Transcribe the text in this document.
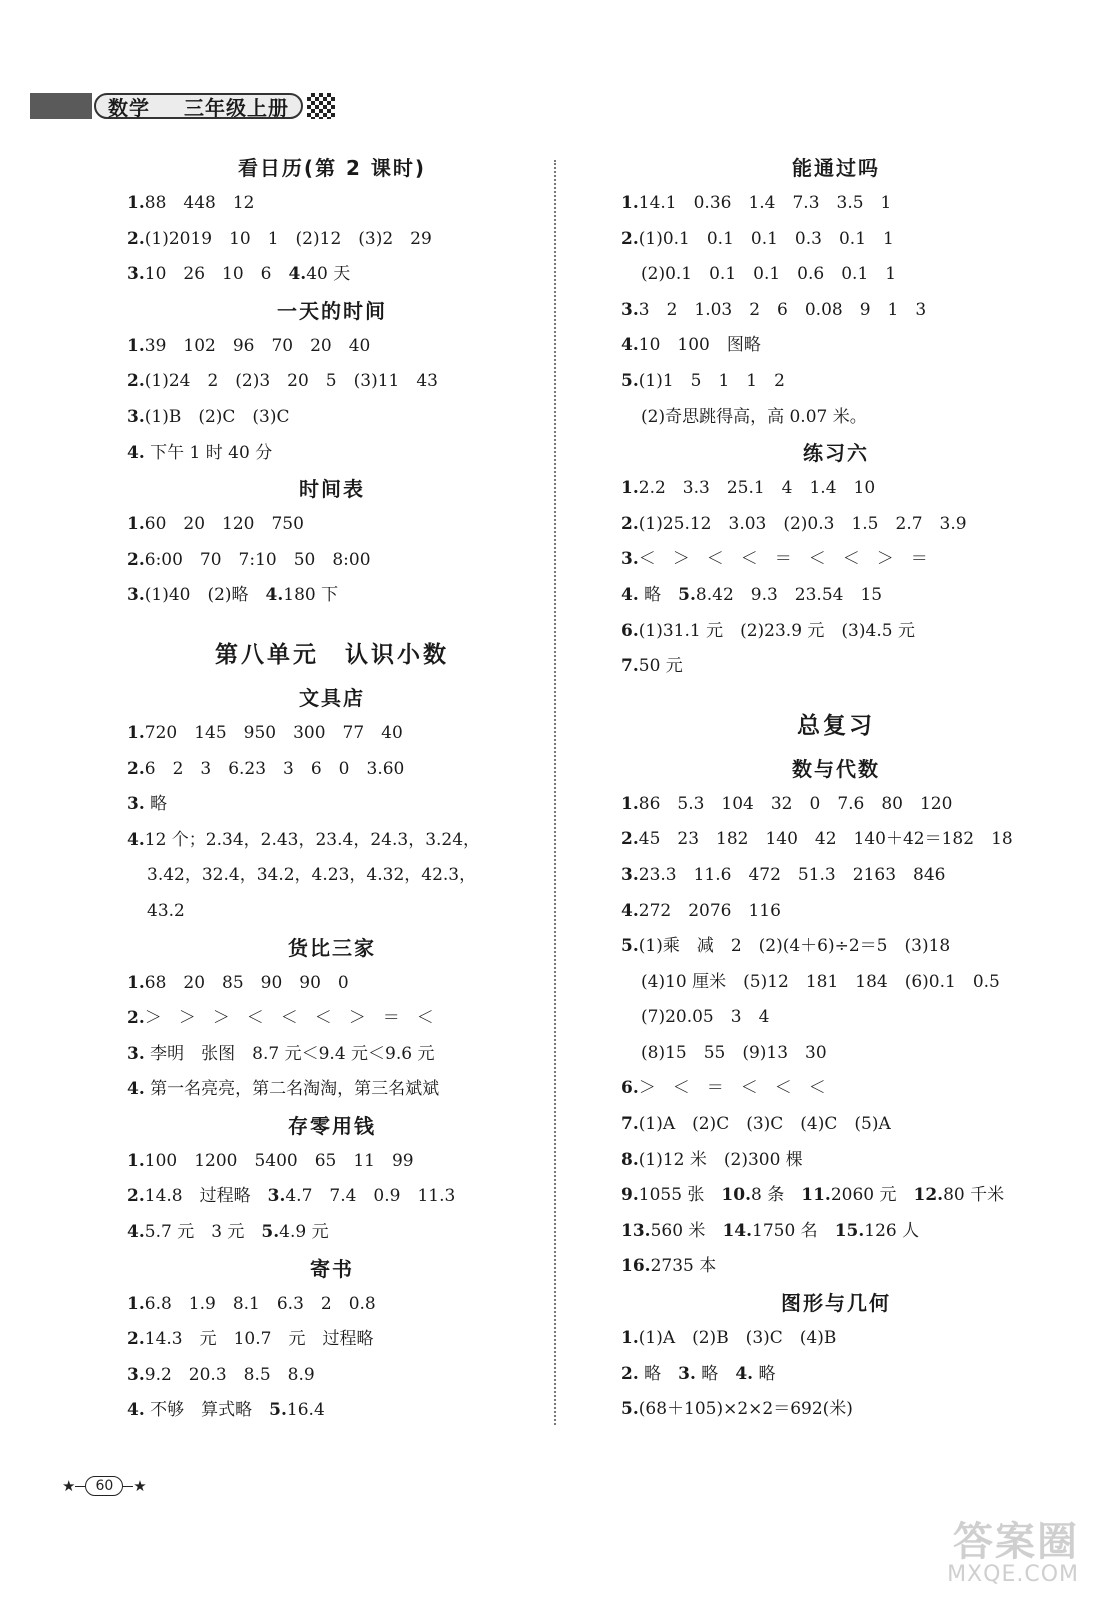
数学 三年级上册
看日历(第 2 课时)
1.88　448　12
2.(1)2019　10　1　(2)12　(3)2　29
3.10　26　10　6　4.40 天
一天的时间
1.39　102　96　70　20　40
2.(1)24　2　(2)3　20　5　(3)11　43
3.(1)B　(2)C　(3)C
4. 下午 1 时 40 分
时间表
1.60　20　120　750
2.6:00　70　7:10　50　8:00
3.(1)40　(2)略　4.180 下
第八单元　认识小数
文具店
1.720　145　950　300　77　40
2.6　2　3　6.23　3　6　0　3.60
3. 略
4.12 个；2.34，2.43，23.4，24.3，3.24，
3.42，32.4，34.2，4.23，4.32，42.3，
43.2
货比三家
1.68　20　85　90　90　0
2.＞　＞　＞　＜　＜　＜　＞　＝　＜
3. 李明　张图　8.7 元＜9.4 元＜9.6 元
4. 第一名亮亮，第二名淘淘，第三名斌斌
存零用钱
1.100　1200　5400　65　11　99
2.14.8　过程略　3.4.7　7.4　0.9　11.3
4.5.7 元　3 元　5.4.9 元
寄书
1.6.8　1.9　8.1　6.3　2　0.8
2.14.3　元　10.7　元　过程略
3.9.2　20.3　8.5　8.9
4. 不够　算式略　5.16.4
能通过吗
1.14.1　0.36　1.4　7.3　3.5　1
2.(1)0.1　0.1　0.1　0.3　0.1　1
(2)0.1　0.1　0.1　0.6　0.1　1
3.3　2　1.03　2　6　0.08　9　1　3
4.10　100　图略
5.(1)1　5　1　1　2
(2)奇思跳得高，高 0.07 米。
练习六
1.2.2　3.3　25.1　4　1.4　10
2.(1)25.12　3.03　(2)0.3　1.5　2.7　3.9
3.＜　＞　＜　＜　＝　＜　＜　＞　＝
4. 略　5.8.42　9.3　23.54　15
6.(1)31.1 元　(2)23.9 元　(3)4.5 元
7.50 元
总复习
数与代数
1.86　5.3　104　32　0　7.6　80　120
2.45　23　182　140　42　140＋42＝182　18
3.23.3　11.6　472　51.3　2163　846
4.272　2076　116
5.(1)乘　减　2　(2)(4＋6)÷2＝5　(3)18
(4)10 厘米　(5)12　181　184　(6)0.1　0.5
(7)20.05　3　4
(8)15　55　(9)13　30
6.＞　＜　＝　＜　＜　＜
7.(1)A　(2)C　(3)C　(4)C　(5)A
8.(1)12 米　(2)300 棵
9.1055 张　10.8 条　11.2060 元　12.80 千米
13.560 米　14.1750 名　15.126 人
16.2735 本
图形与几何
1.(1)A　(2)B　(3)C　(4)B
2. 略　3. 略　4. 略
5.(68＋105)×2×2＝692(米)
★	60	★
答案圈
MXQE.COM
